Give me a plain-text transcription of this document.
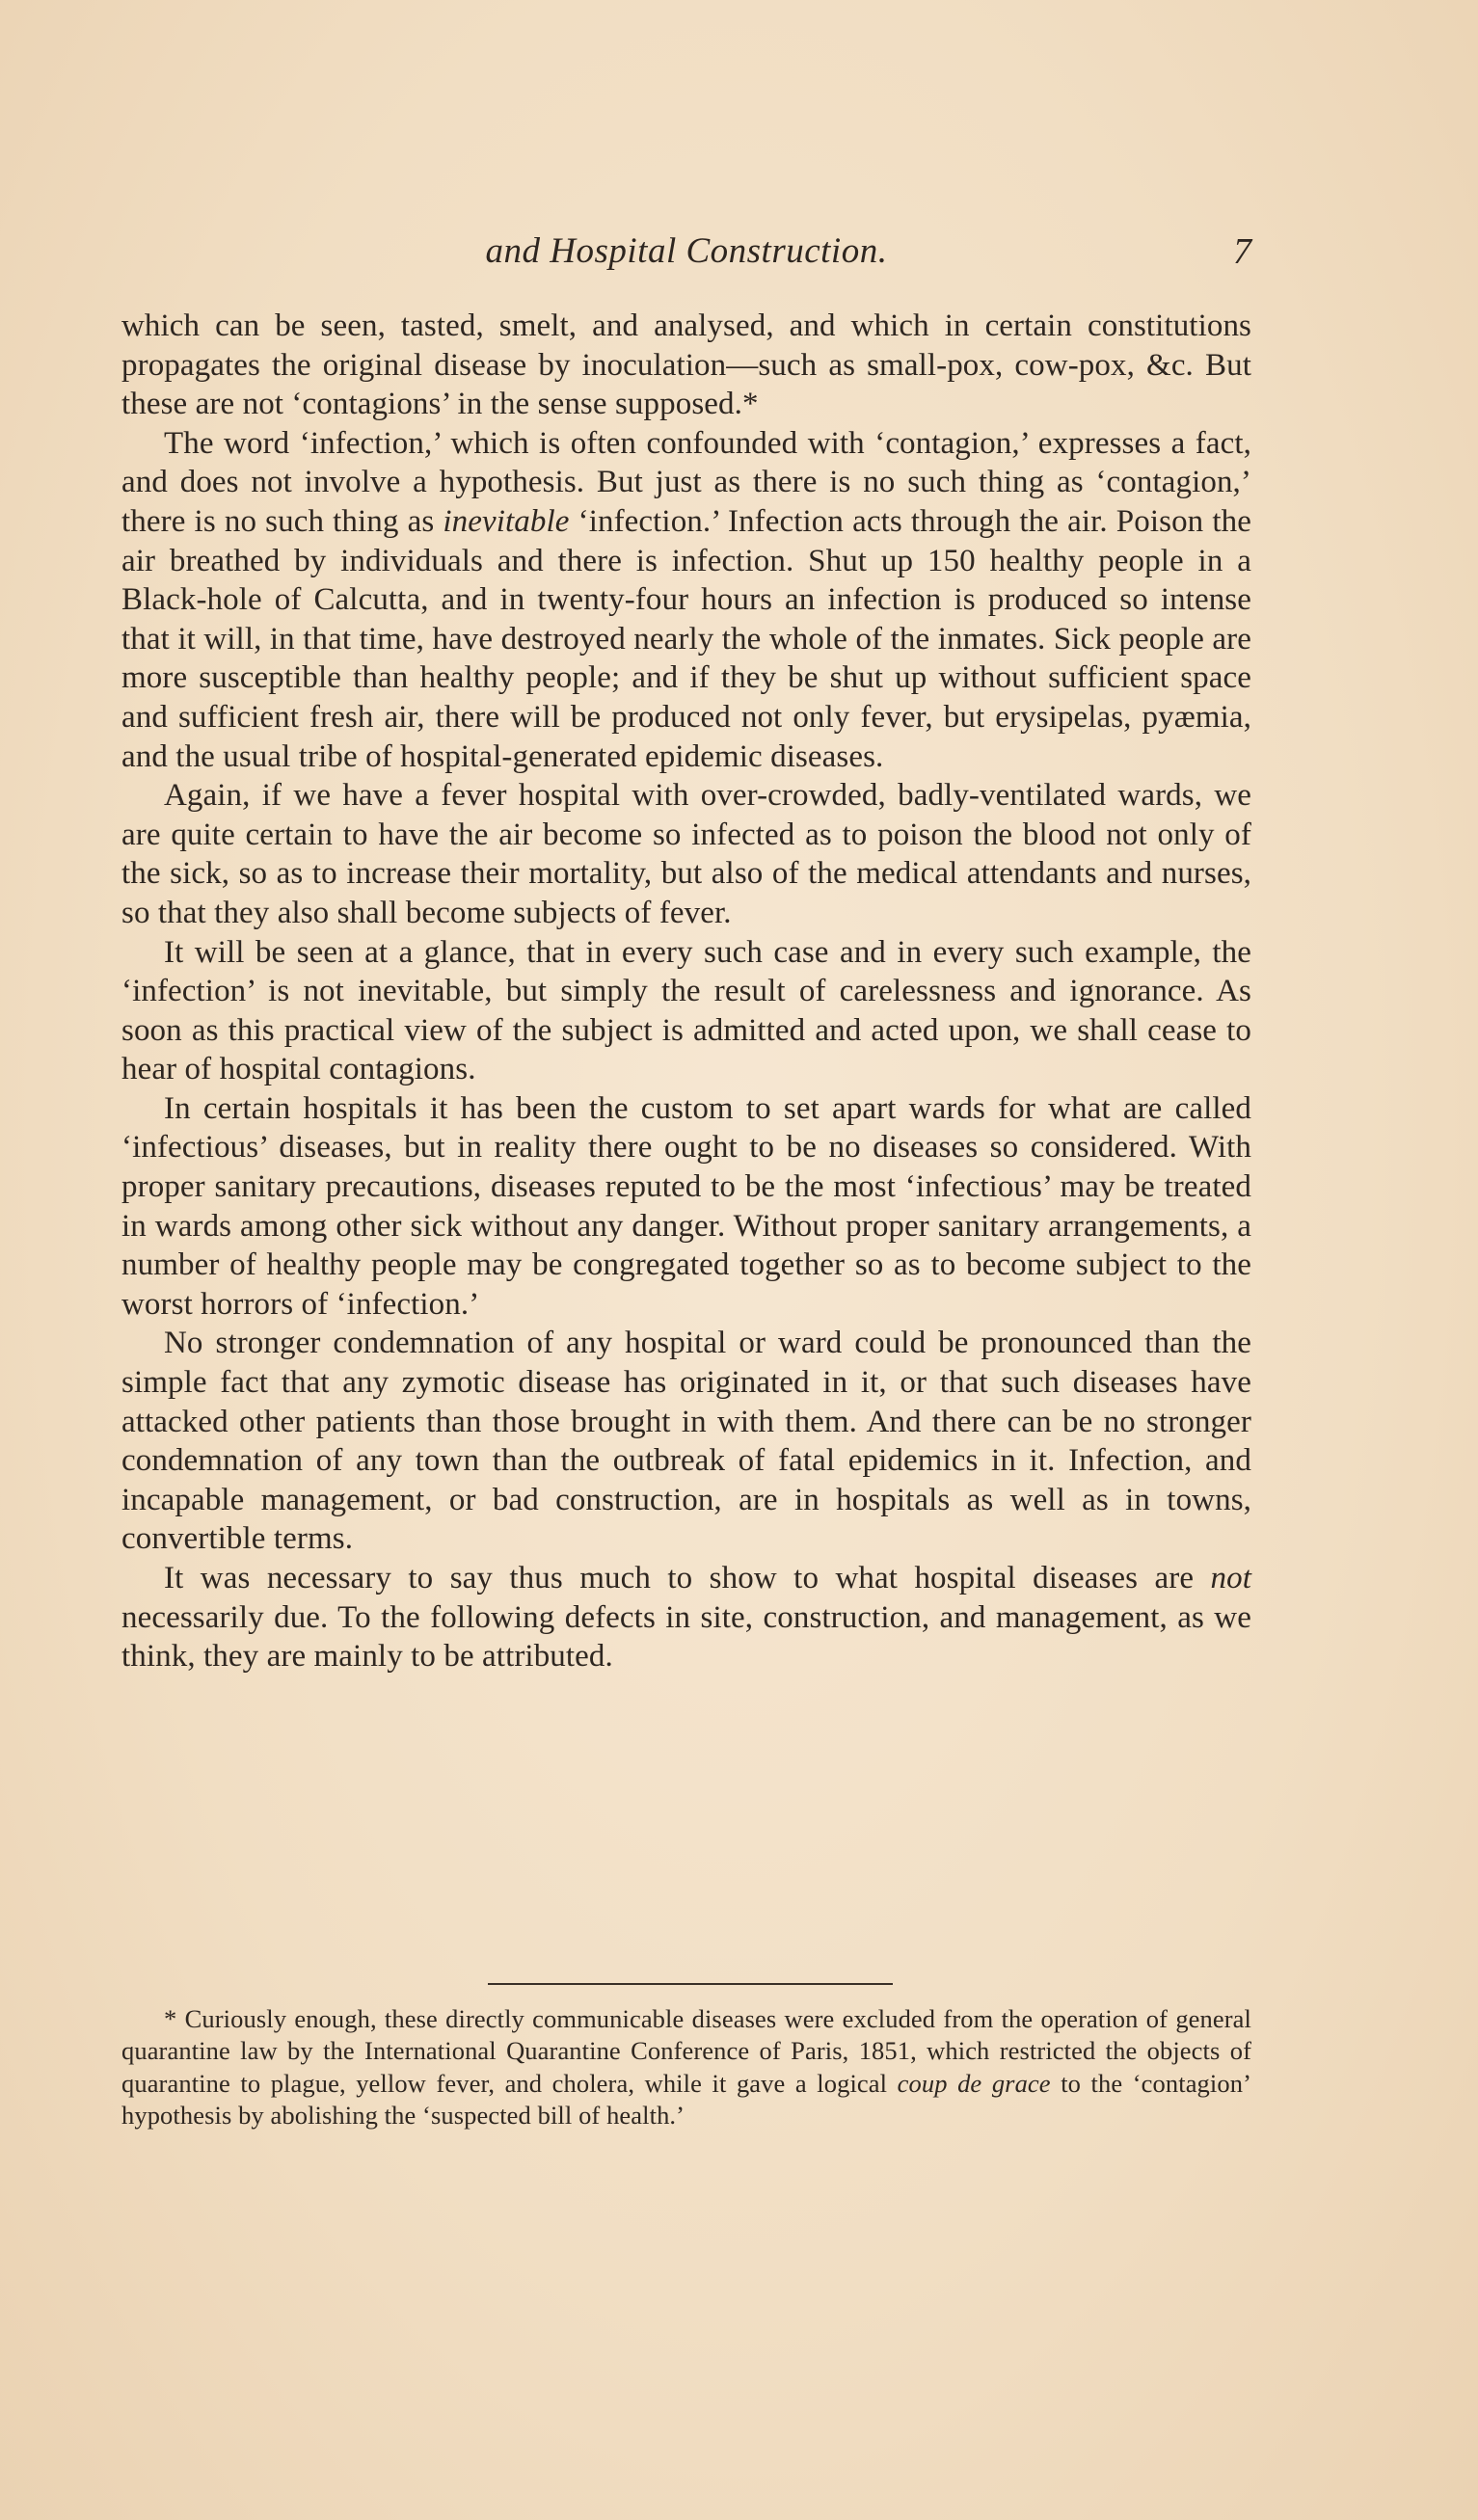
and Hospital Construction.	7

which can be seen, tasted, smelt, and analysed, and which in certain constitutions propagates the original disease by inoculation—such as small-pox, cow-pox, &c. But these are not ‘contagions’ in the sense supposed.*

The word ‘infection,’ which is often confounded with ‘contagion,’ expresses a fact, and does not involve a hypothesis. But just as there is no such thing as ‘contagion,’ there is no such thing as inevitable ‘infection.’ Infection acts through the air. Poison the air breathed by individuals and there is infection. Shut up 150 healthy people in a Black-hole of Calcutta, and in twenty-four hours an infection is produced so intense that it will, in that time, have destroyed nearly the whole of the inmates. Sick people are more susceptible than healthy people; and if they be shut up without sufficient space and sufficient fresh air, there will be produced not only fever, but erysipelas, pyæmia, and the usual tribe of hospital-generated epidemic diseases.

Again, if we have a fever hospital with over-crowded, badly-ventilated wards, we are quite certain to have the air become so infected as to poison the blood not only of the sick, so as to increase their mortality, but also of the medical attendants and nurses, so that they also shall become subjects of fever.

It will be seen at a glance, that in every such case and in every such example, the ‘infection’ is not inevitable, but simply the result of carelessness and ignorance. As soon as this practical view of the subject is admitted and acted upon, we shall cease to hear of hospital contagions.

In certain hospitals it has been the custom to set apart wards for what are called ‘infectious’ diseases, but in reality there ought to be no diseases so considered. With proper sanitary precautions, diseases reputed to be the most ‘infectious’ may be treated in wards among other sick without any danger. Without proper sanitary arrangements, a number of healthy people may be congregated together so as to become subject to the worst horrors of ‘infection.’

No stronger condemnation of any hospital or ward could be pronounced than the simple fact that any zymotic disease has originated in it, or that such diseases have attacked other patients than those brought in with them. And there can be no stronger condemnation of any town than the outbreak of fatal epidemics in it. Infection, and incapable management, or bad construction, are in hospitals as well as in towns, convertible terms.

It was necessary to say thus much to show to what hospital diseases are not necessarily due. To the following defects in site, construction, and management, as we think, they are mainly to be attributed.

* Curiously enough, these directly communicable diseases were excluded from the operation of general quarantine law by the International Quarantine Conference of Paris, 1851, which restricted the objects of quarantine to plague, yellow fever, and cholera, while it gave a logical coup de grace to the ‘contagion’ hypothesis by abolishing the ‘suspected bill of health.’
